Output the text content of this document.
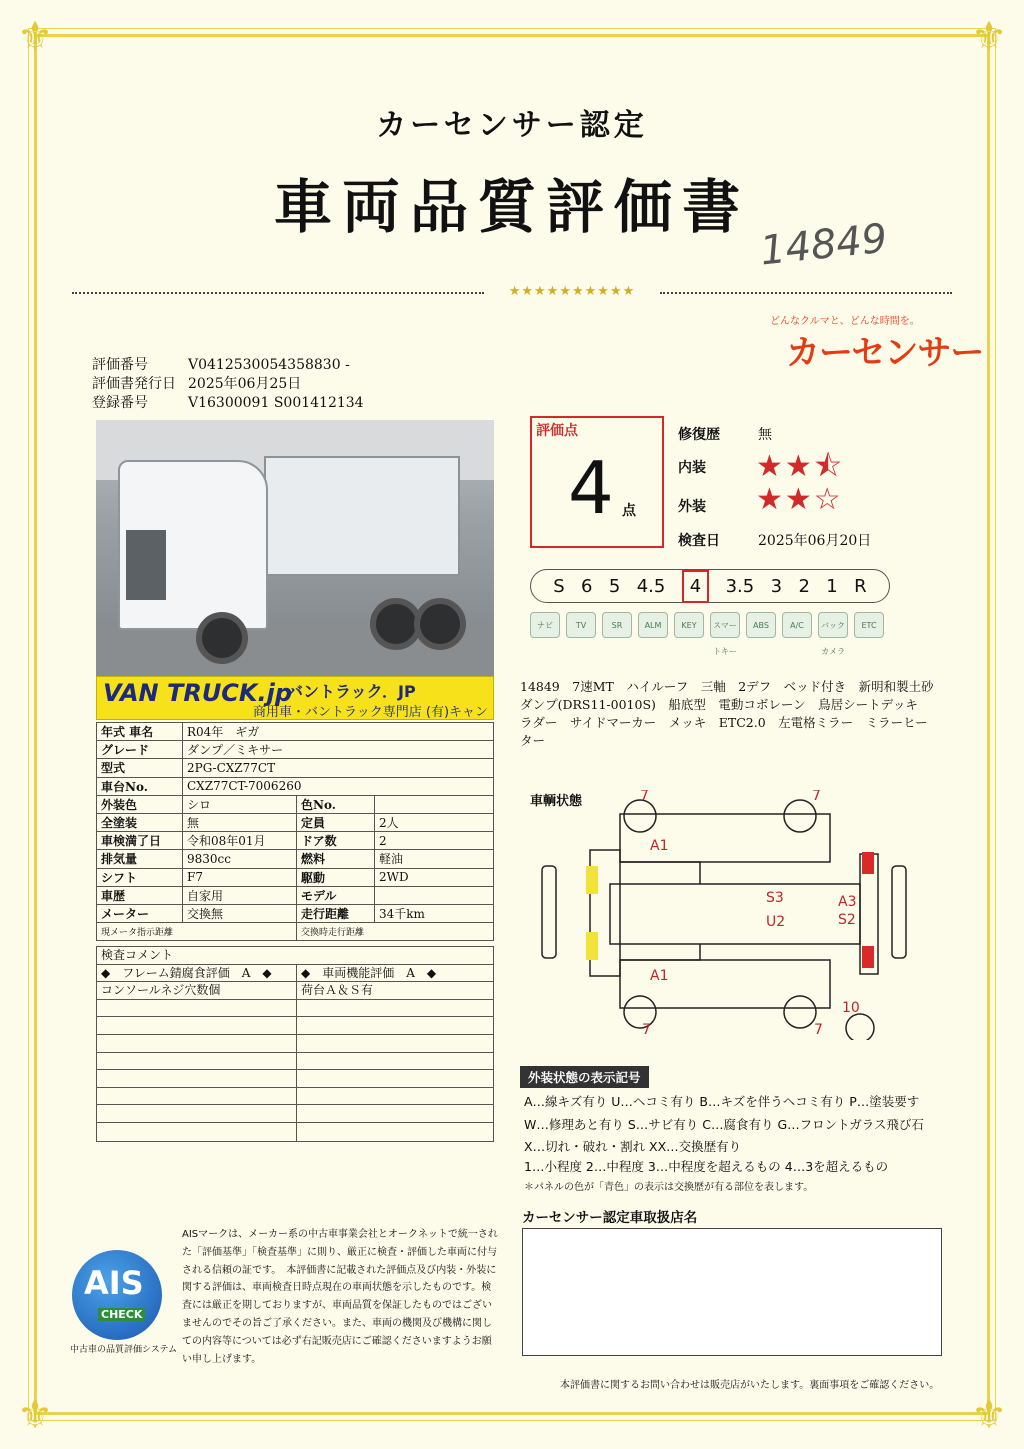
⚜	⚜
⚜	⚜
カーセンサー認定
車両品質評価書
14849
★★★★★★★★★★
どんなクルマと、どんな時間を。
カーセンサー
評価番号	V0412530054358830 -
評価書発行日 2025年06月25日
登録番号	V16300091 S001412134
VAN TRUCK.jp
バントラック．JP
商用車・バントラック専門店 (有)キャン
年式 車名	R04年　ギガ		
グレード	ダンプ／ミキサー		
型式	2PG-CXZ77CT		
車台No.	CXZ77CT-7006260		
外装色	シロ	色No.	
全塗装	無	定員	2人
車検満了日	令和08年01月	ドア数	2
排気量	9830cc	燃料	軽油
シフト	F7	駆動	2WD
車歴	自家用	モデル	
メーター	交換無	走行距離	34千km
現メータ指示距離		交換時走行距離	
検査コメント
◆　フレーム錆腐食評価　A　◆	◆　車両機能評価　A　◆
コンソールネジ穴数個	荷台Ａ＆Ｓ有
評価点
4 点
修復歴	無
内装 ★★⯪
外装 ★★☆
検査日	2025年06月20日
S 6 5 4.5	4	3.5 3 2 1 R
ナビ	TV	SR	ALM	KEY	スマートキー
ABS	A/C	バックカメラ
ETC
14849　7速MT　ハイルーフ　三軸　2デフ　ベッド付き　新明和製土砂ダンプ(DRS11-0010S)　船底型　電動コボレーン　鳥居シートデッキ　ラダー　サイドマーカー　メッキ　ETC2.0　左電格ミラー　ミラーヒーター
車輌状態	7	7
7	7
A1
A1
S3
U2
A3
S2
10
外装状態の表示記号
A…線キズ有り U…ヘコミ有り B…キズを伴うヘコミ有り P…塗装要す
W…修理あと有り S…サビ有り C…腐食有り G…フロントガラス飛び石
X…切れ・破れ・割れ XX…交換歴有り
1…小程度 2…中程度 3…中程度を超えるもの 4…3を超えるもの
＊パネルの色が「青色」の表示は交換歴が有る部位を表します。
カーセンサー認定車取扱店名
AIS
CHECK
中古車の品質評価システム
AISマークは、メーカー系の中古車事業会社とオークネットで統一された「評価基準」「検査基準」に則り、厳正に検査・評価した車両に付与される信頼の証です。　本評価書に記載された評価点及び内装・外装に関する評価は、車両検査日時点現在の車両状態を示したものです。検査には厳正を期しておりますが、車両品質を保証したものではございませんのでその旨ご了承ください。また、車両の機関及び機構に関しての内容等については必ず右記販売店にご確認くださいますようお願い申し上げます。
本評価書に関するお問い合わせは販売店がいたします。裏面事項をご確認ください。
